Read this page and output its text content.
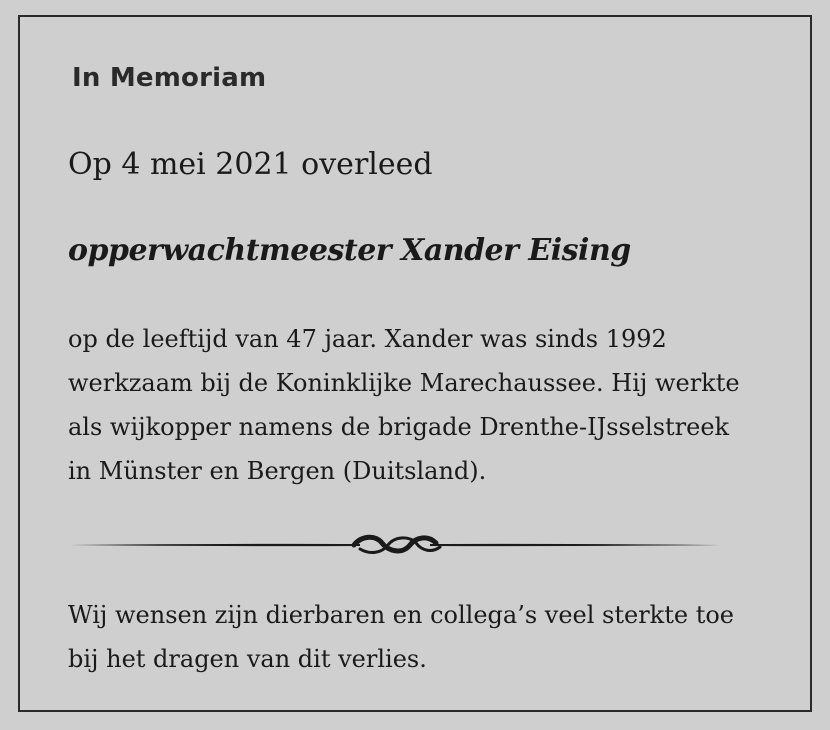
In Memoriam
Op 4 mei 2021 overleed
opperwachtmeester Xander Eising

op de leeftijd van 47 jaar. Xander was sinds 1992

werkzaam bij de Koninklijke Marechaussee. Hij werkte

als wijkopper namens de brigade Drenthe-IJsselstreek

in Münster en Bergen (Duitsland).

Wij wensen zijn dierbaren en collega’s veel sterkte toe

bij het dragen van dit verlies.
